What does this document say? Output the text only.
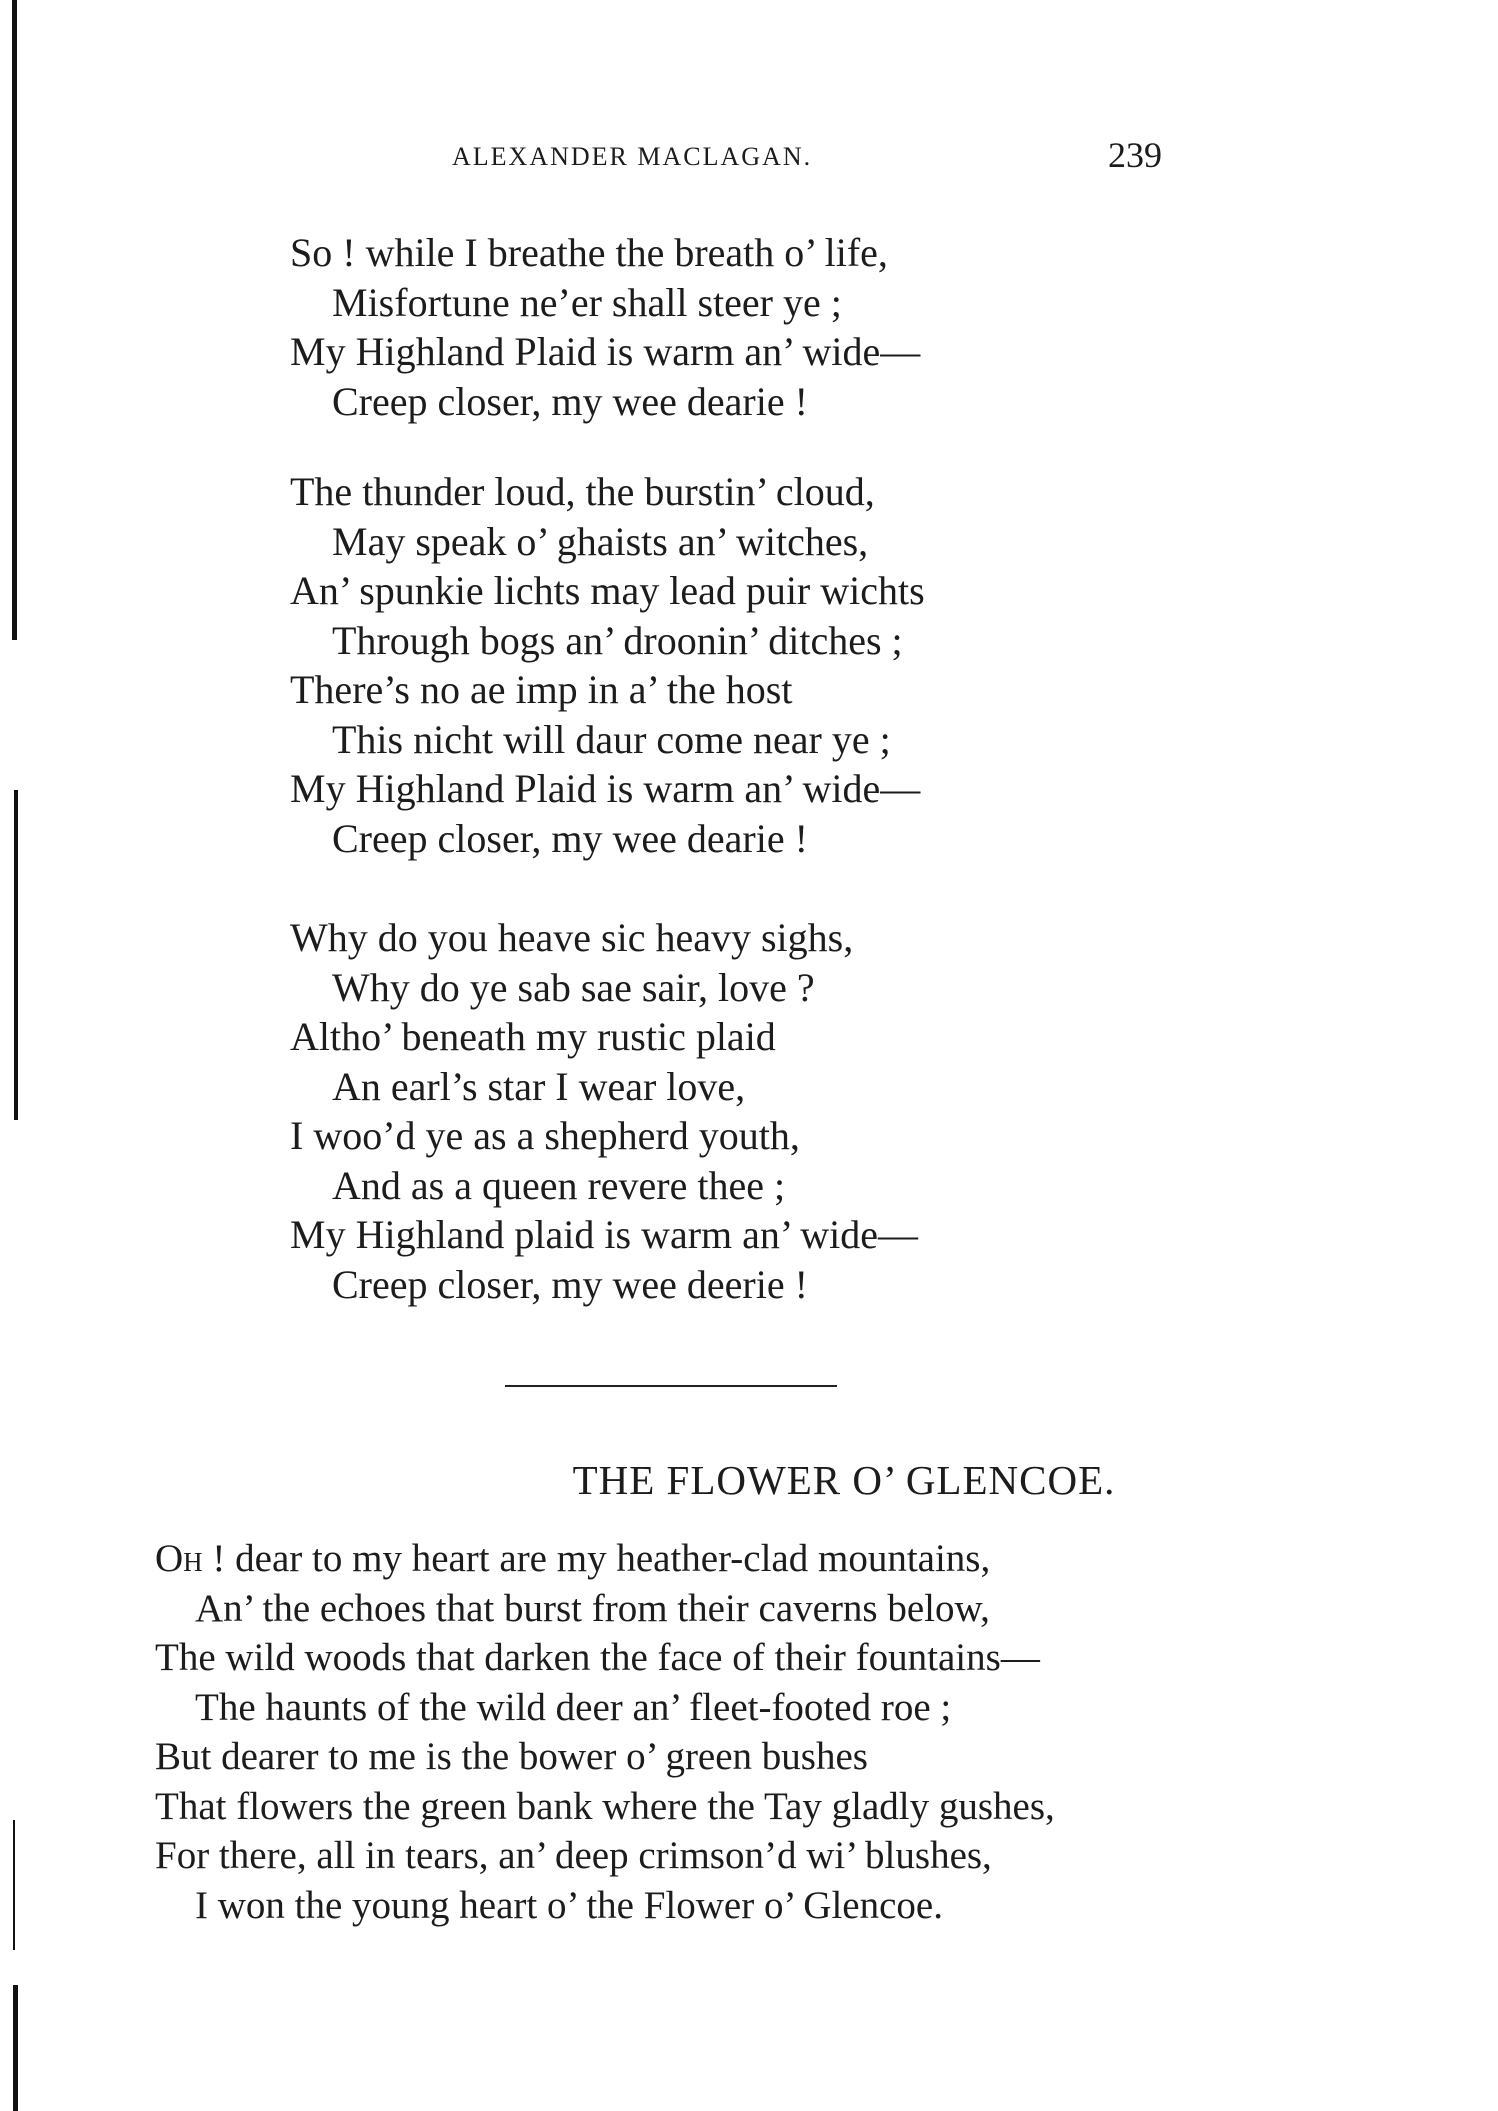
ALEXANDER MACLAGAN.	239
So ! while I breathe the breath o’ life,
Misfortune ne’er shall steer ye ;
My Highland Plaid is warm an’ wide—
Creep closer, my wee dearie !
The thunder loud, the burstin’ cloud,
May speak o’ ghaists an’ witches,
An’ spunkie lichts may lead puir wichts
Through bogs an’ droonin’ ditches ;
There’s no ae imp in a’ the host
This nicht will daur come near ye ;
My Highland Plaid is warm an’ wide—
Creep closer, my wee dearie !
Why do you heave sic heavy sighs,
Why do ye sab sae sair, love ?
Altho’ beneath my rustic plaid
An earl’s star I wear love,
I woo’d ye as a shepherd youth,
And as a queen revere thee ;
My Highland plaid is warm an’ wide—
Creep closer, my wee deerie !
THE FLOWER O’ GLENCOE.
Oh ! dear to my heart are my heather-clad mountains,
An’ the echoes that burst from their caverns below,
The wild woods that darken the face of their fountains—
The haunts of the wild deer an’ fleet-footed roe ;
But dearer to me is the bower o’ green bushes
That flowers the green bank where the Tay gladly gushes,
For there, all in tears, an’ deep crimson’d wi’ blushes,
I won the young heart o’ the Flower o’ Glencoe.
